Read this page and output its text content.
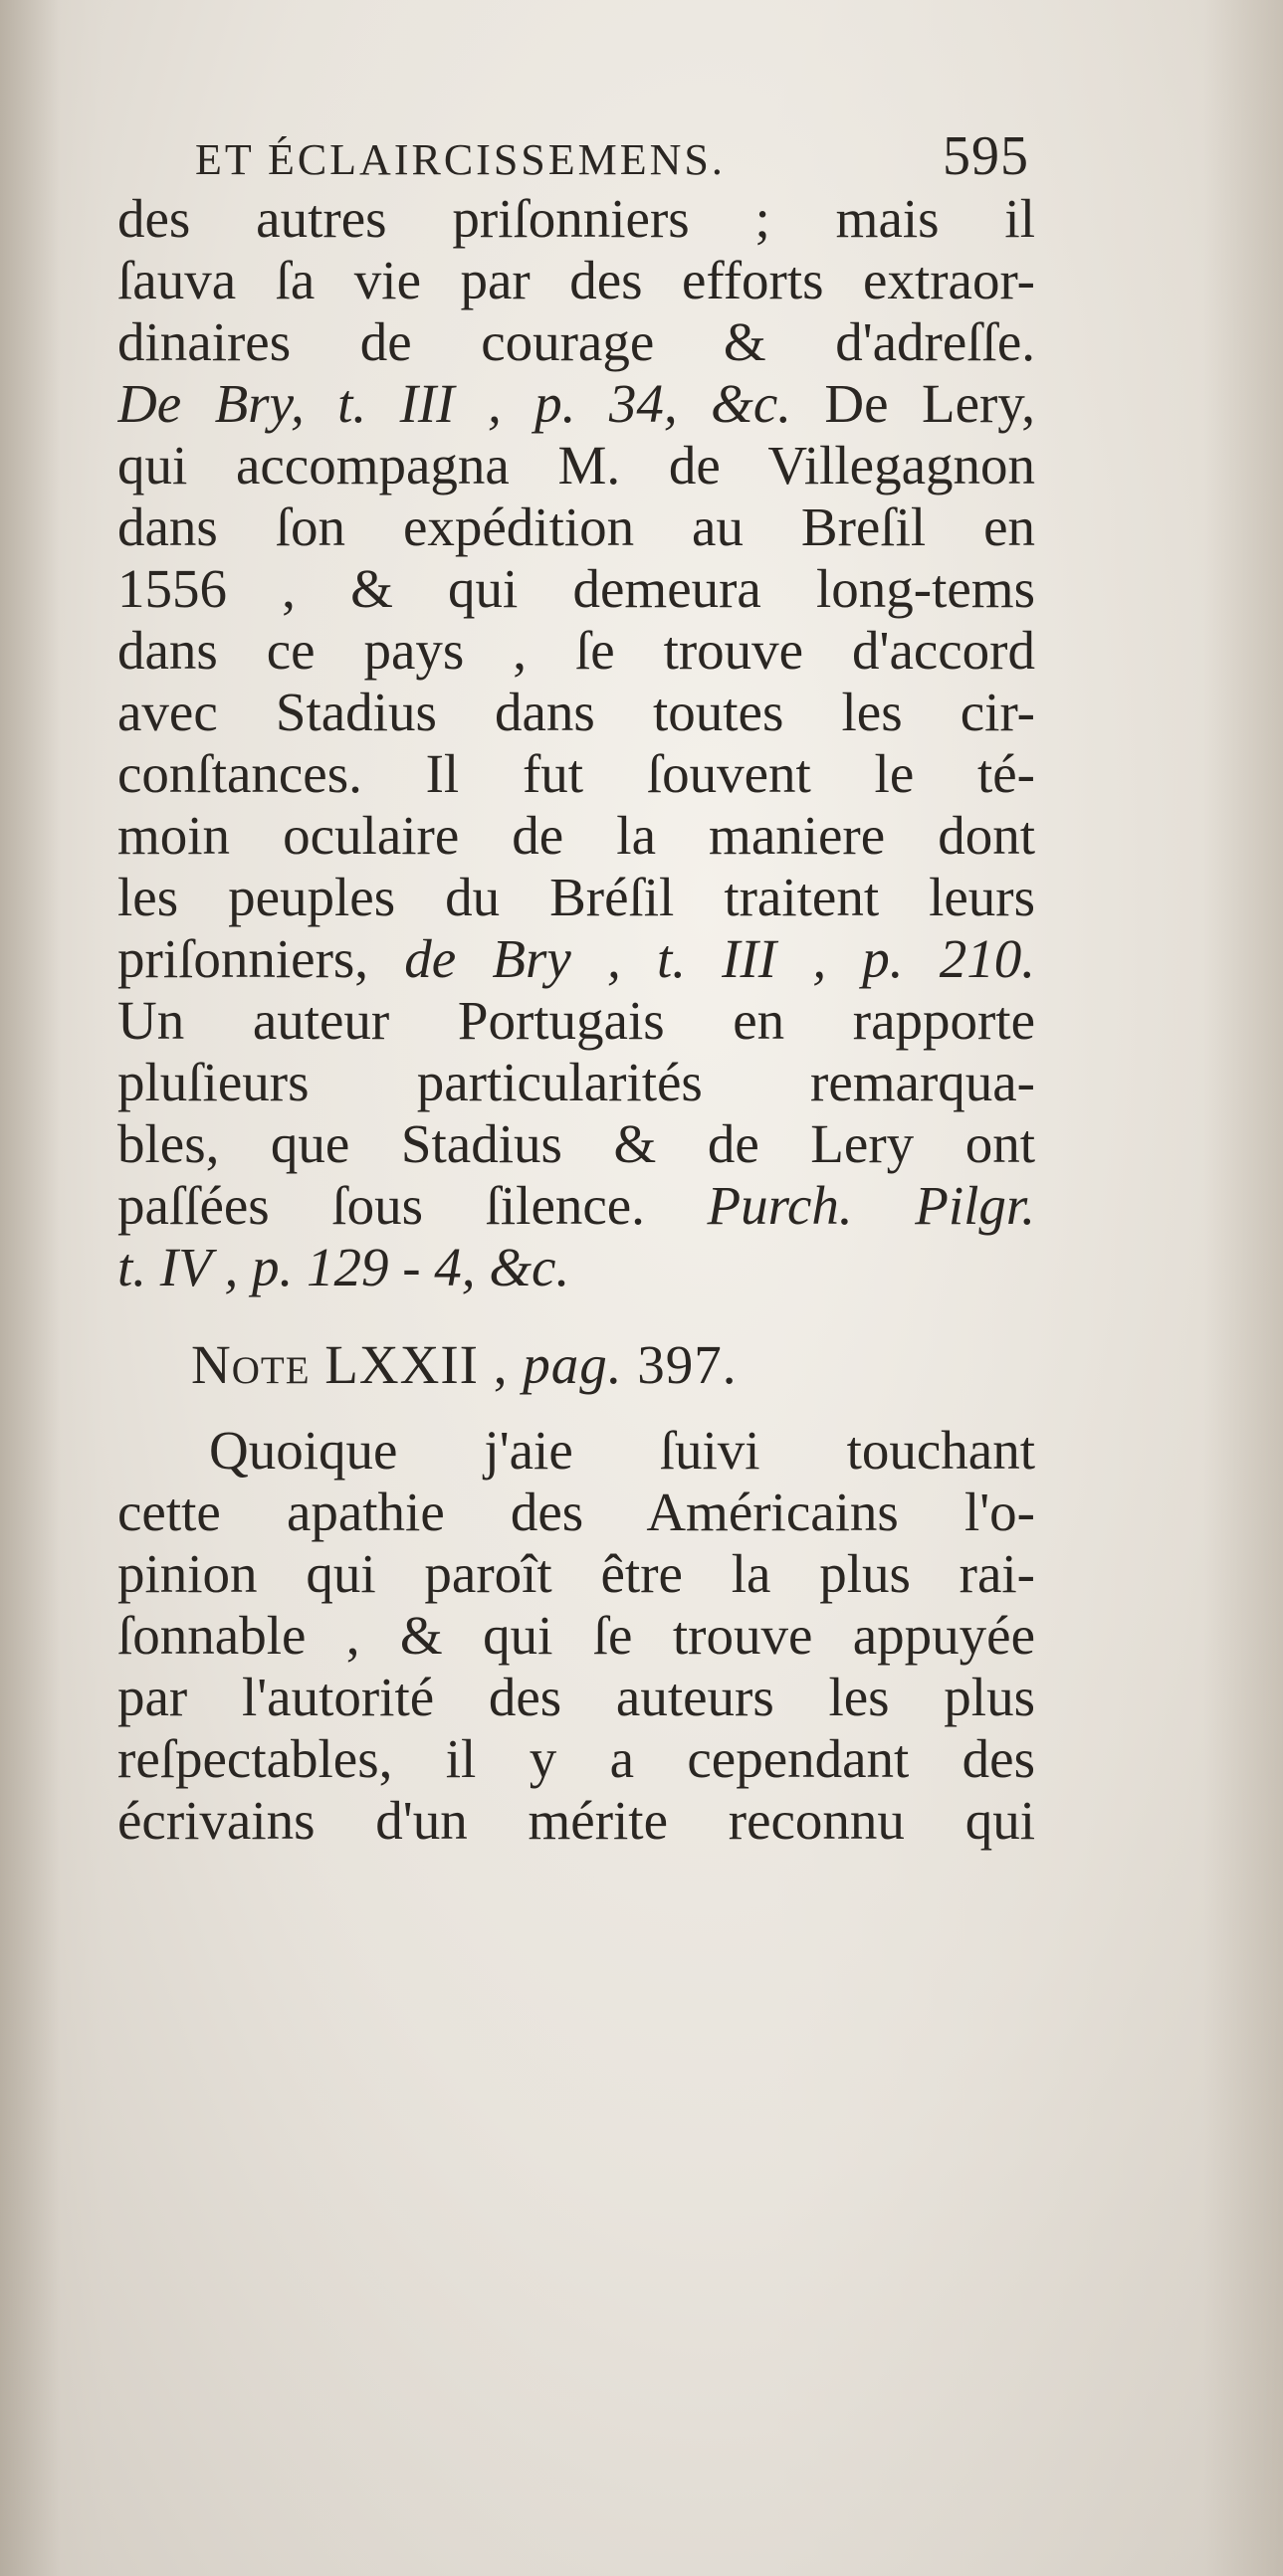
ET ÉCLAIRCISSEMENS.	595
des autres priſonniers ; mais il
ſauva ſa vie par des efforts extraor-
dinaires de courage & d'adreſſe.
De Bry, t. III , p. 34, &c. De Lery,
qui accompagna M. de Villegagnon
dans ſon expédition au Breſil en
1556 , & qui demeura long-tems
dans ce pays , ſe trouve d'accord
avec Stadius dans toutes les cir-
conſtances. Il fut ſouvent le té-
moin oculaire de la maniere dont
les peuples du Bréſil traitent leurs
priſonniers, de Bry , t. III , p. 210.
Un auteur Portugais en rapporte
pluſieurs particularités remarqua-
bles, que Stadius & de Lery ont
paſſées ſous ſilence. Purch. Pilgr.
t. IV , p. 129 - 4, &c.
Note LXXII , pag. 397.
Quoique j'aie ſuivi touchant
cette apathie des Américains l'o-
pinion qui paroît être la plus rai-
ſonnable , & qui ſe trouve appuyée
par l'autorité des auteurs les plus
reſpectables, il y a cependant des
écrivains d'un mérite reconnu qui
